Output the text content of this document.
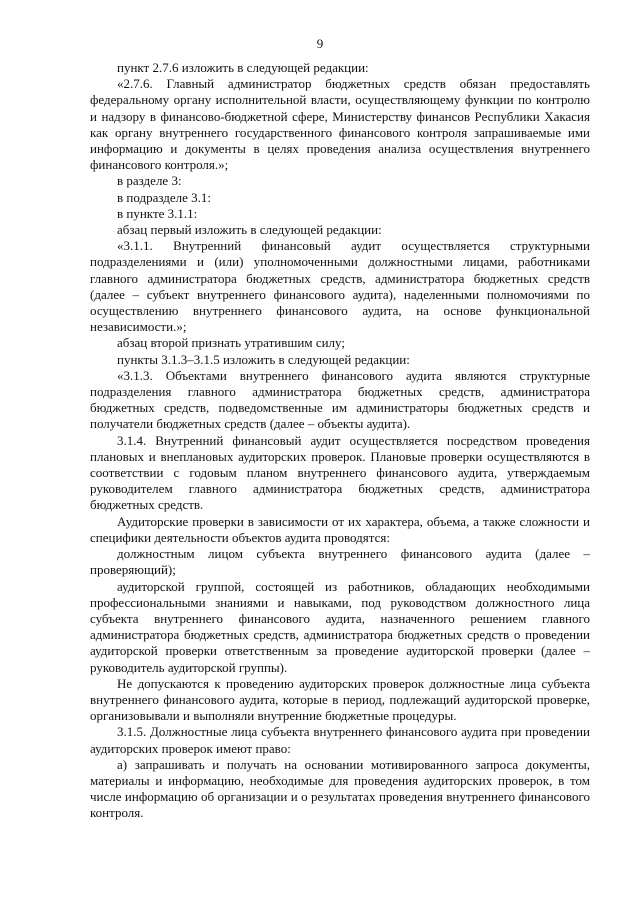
9

пункт 2.7.6 изложить в следующей редакции:

«2.7.6. Главный администратор бюджетных средств обязан предоставлять федеральному органу исполнительной власти, осуществляющему функции по контролю и надзору в финансово-бюджетной сфере, Министерству финансов Республики Хакасия как органу внутреннего государственного финансового контроля запрашиваемые ими информацию и документы в целях проведения анализа осуществления внутреннего финансового контроля.»;

в разделе 3:

в подразделе 3.1:

в пункте 3.1.1:

абзац первый изложить в следующей редакции:

«3.1.1. Внутренний финансовый аудит осуществляется структурными подразделениями и (или) уполномоченными должностными лицами, работниками главного администратора бюджетных средств, администратора бюджетных средств (далее – субъект внутреннего финансового аудита), наделенными полномочиями по осуществлению внутреннего финансового аудита, на основе функциональной независимости.»;

абзац второй признать утратившим силу;

пункты 3.1.3–3.1.5 изложить в следующей редакции:

«3.1.3. Объектами внутреннего финансового аудита являются структурные подразделения главного администратора бюджетных средств, администратора бюджетных средств, подведомственные им администраторы бюджетных средств и получатели бюджетных средств (далее – объекты аудита).

3.1.4. Внутренний финансовый аудит осуществляется посредством проведения плановых и внеплановых аудиторских проверок. Плановые проверки осуществляются в соответствии с годовым планом внутреннего финансового аудита, утверждаемым руководителем главного администратора бюджетных средств, администратора бюджетных средств.

Аудиторские проверки в зависимости от их характера, объема, а также сложности и специфики деятельности объектов аудита проводятся:

должностным лицом субъекта внутреннего финансового аудита (далее – проверяющий);

аудиторской группой, состоящей из работников, обладающих необходимыми профессиональными знаниями и навыками, под руководством должностного лица субъекта внутреннего финансового аудита, назначенного решением главного администратора бюджетных средств, администратора бюджетных средств о проведении аудиторской проверки ответственным за проведение аудиторской проверки (далее – руководитель аудиторской группы).

Не допускаются к проведению аудиторских проверок должностные лица субъекта внутреннего финансового аудита, которые в период, подлежащий аудиторской проверке, организовывали и выполняли внутренние бюджетные процедуры.

3.1.5. Должностные лица субъекта внутреннего финансового аудита при проведении аудиторских проверок имеют право:

а) запрашивать и получать на основании мотивированного запроса документы, материалы и информацию, необходимые для проведения аудиторских проверок, в том числе информацию об организации и о результатах проведения внутреннего финансового контроля.
